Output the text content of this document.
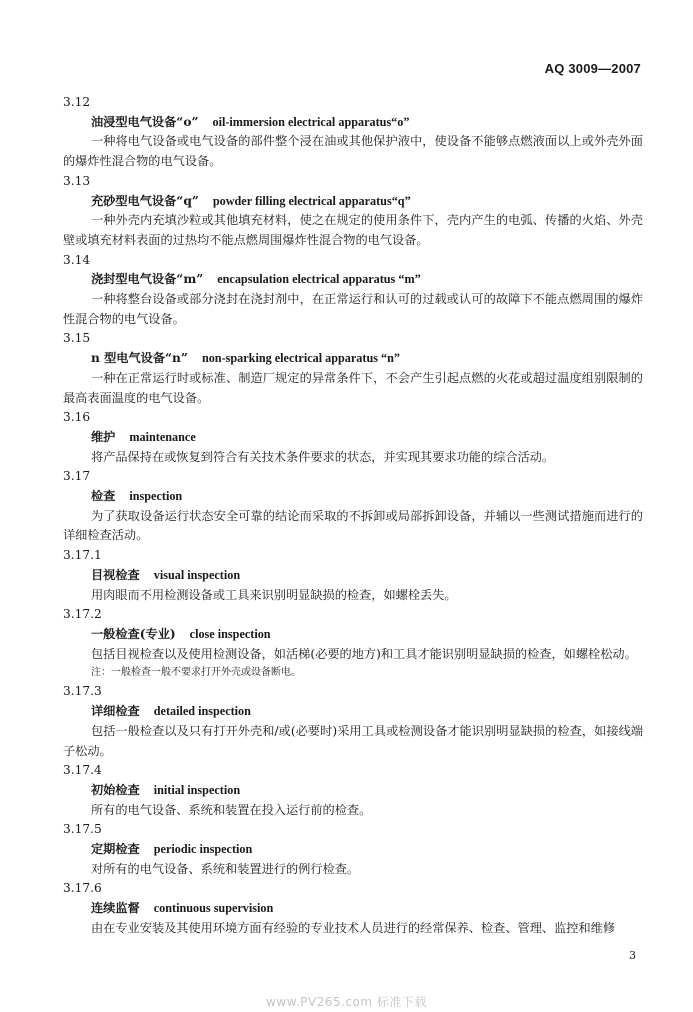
AQ 3009—2007

3.12

油浸型电气设备“o” oil-immersion electrical apparatus“o”

一种将电气设备或电气设备的部件整个浸在油或其他保护液中，使设备不能够点燃液面以上或外壳外面的爆炸性混合物的电气设备。

3.13

充砂型电气设备“q” powder filling electrical apparatus“q”

一种外壳内充填沙粒或其他填充材料，使之在规定的使用条件下，壳内产生的电弧、传播的火焰、外壳壁或填充材料表面的过热均不能点燃周围爆炸性混合物的电气设备。

3.14

浇封型电气设备“m” encapsulation electrical apparatus “m”

一种将整台设备或部分浇封在浇封剂中，在正常运行和认可的过载或认可的故障下不能点燃周围的爆炸性混合物的电气设备。

3.15

n 型电气设备“n” non-sparking electrical apparatus “n”

一种在正常运行时或标准、制造厂规定的异常条件下，不会产生引起点燃的火花或超过温度组别限制的最高表面温度的电气设备。

3.16

维护 maintenance

将产品保持在或恢复到符合有关技术条件要求的状态，并实现其要求功能的综合活动。

3.17

检查 inspection

为了获取设备运行状态安全可靠的结论而采取的不拆卸或局部拆卸设备，并辅以一些测试措施而进行的详细检查活动。

3.17.1

目视检查 visual inspection

用肉眼而不用检测设备或工具来识别明显缺损的检查，如螺栓丢失。

3.17.2

一般检查(专业) close inspection

包括目视检查以及使用检测设备，如活梯(必要的地方)和工具才能识别明显缺损的检查，如螺栓松动。

注：一般检查一般不要求打开外壳或设备断电。

3.17.3

详细检查 detailed inspection

包括一般检查以及只有打开外壳和/或(必要时)采用工具或检测设备才能识别明显缺损的检查，如接线端子松动。

3.17.4

初始检查 initial inspection

所有的电气设备、系统和装置在投入运行前的检查。

3.17.5

定期检查 periodic inspection

对所有的电气设备、系统和装置进行的例行检查。

3.17.6

连续监督 continuous supervision

由在专业安装及其使用环境方面有经验的专业技术人员进行的经常保养、检查、管理、监控和维修

3
www.PV265.com 标准下载
